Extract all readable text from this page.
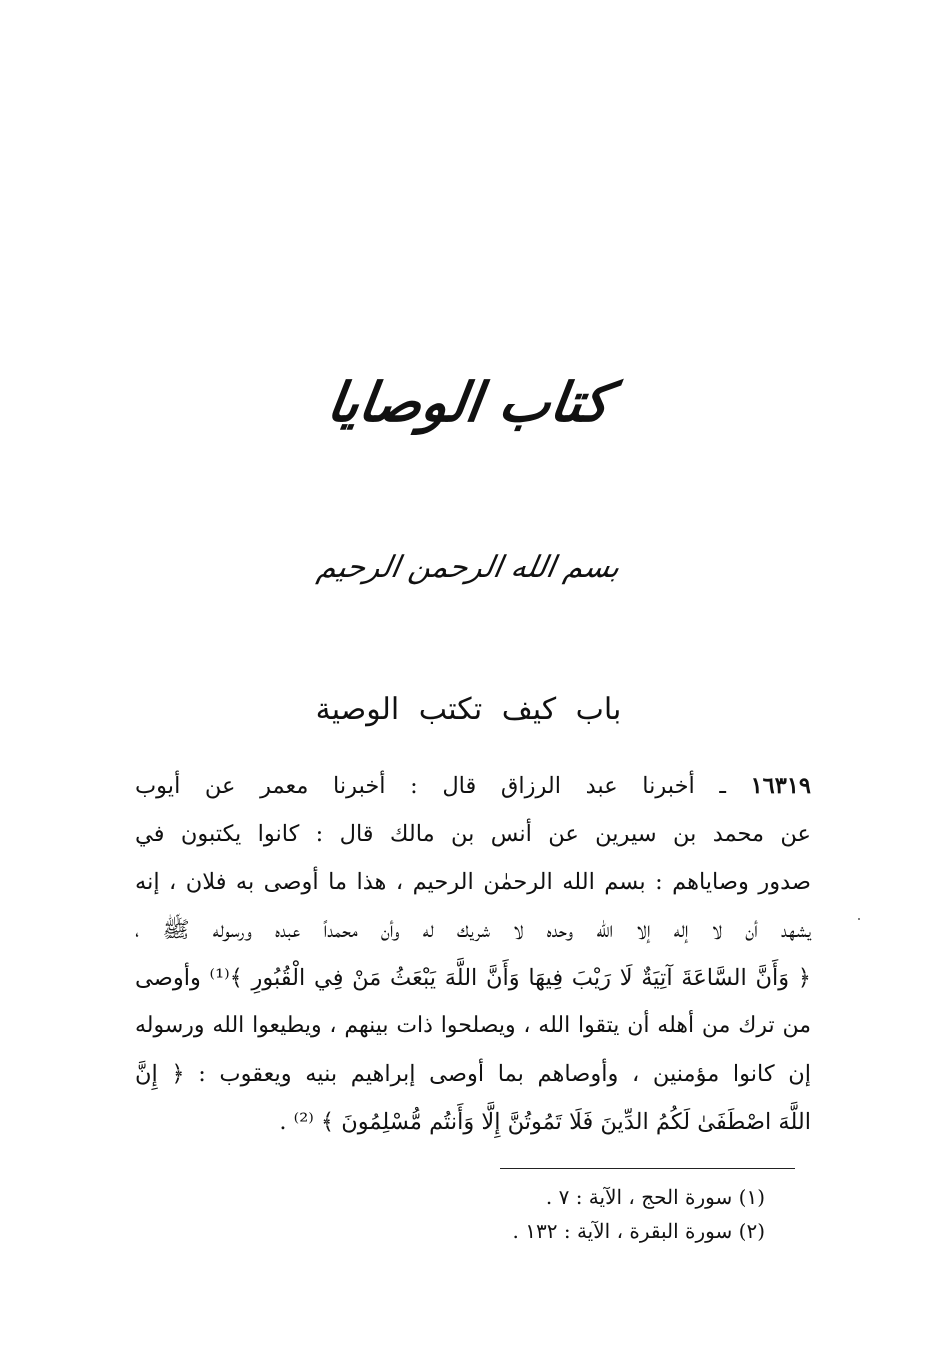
كتاب الوصايا
بسم الله الرحمن الرحيم
باب كيف تكتب الوصية
١٦٣١٩ ـ أخبرنا عبد الرزاق قال : أخبرنا معمر عن أيوب
عن محمد بن سيرين عن أنس بن مالك قال : كانوا يكتبون في
صدور وصاياهم : بسم الله الرحمٰن الرحيم ، هذا ما أوصى به فلان ، إنه
يشهد أن لا إله إلا الله وحده لا شريك له وأن محمداً عبده ورسوله ﷺ ،
﴿ وَأَنَّ السَّاعَةَ آتِيَةٌ لَا رَيْبَ فِيهَا وَأَنَّ اللَّهَ يَبْعَثُ مَنْ فِي الْقُبُورِ ﴾⁽¹⁾ وأوصى
من ترك من أهله أن يتقوا الله ، ويصلحوا ذات بينهم ، ويطيعوا الله ورسوله
إن كانوا مؤمنين ، وأوصاهم بما أوصى إبراهيم بنيه ويعقوب : ﴿ إِنَّ
اللَّهَ اصْطَفَىٰ لَكُمُ الدِّينَ فَلَا تَمُوتُنَّ إِلَّا وَأَنتُم مُّسْلِمُونَ ﴾ ⁽²⁾ .
(١) سورة الحج ، الآية : ٧ .
(٢) سورة البقرة ، الآية : ١٣٢ .
